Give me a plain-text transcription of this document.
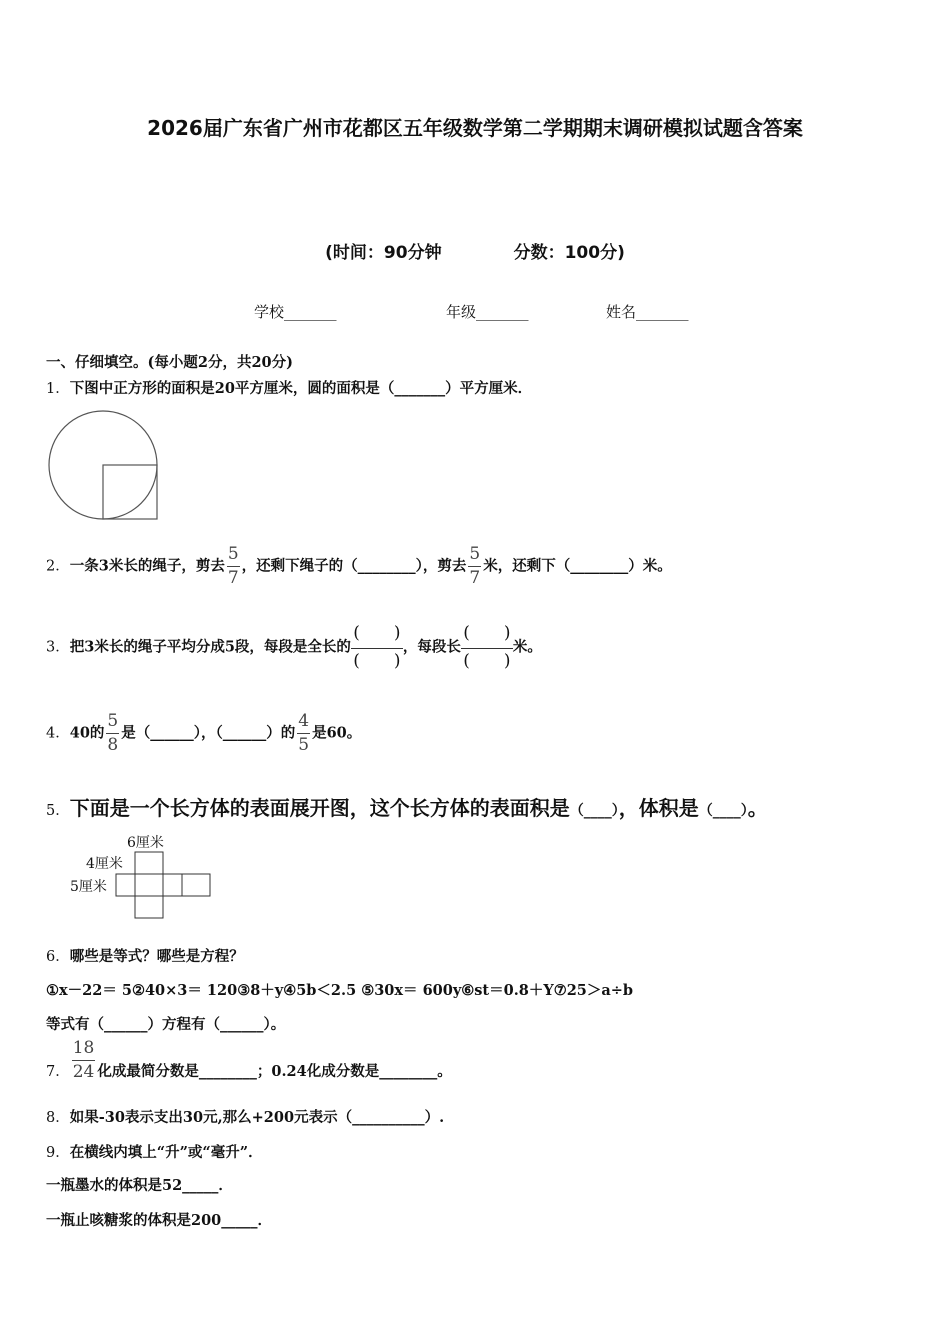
2026届广东省广州市花都区五年级数学第二学期期末调研模拟试题含答案
(时间：90分钟	分数：100分)
学校_______	年级_______	姓名_______
一、仔细填空。(每小题2分，共20分)
1．下图中正方形的面积是20平方厘米，圆的面积是（_______）平方厘米．
2．一条3米长的绳子，剪去 $\frac{5}{7}$ ，还剩下绳子的（________），剪去 $\frac{5}{7}$ 米，还剩下（________）米。
3．把3米长的绳子平均分成5段，每段是全长的
(　　)
(　　)
，每段长
(　　)
(　　)
米。
4．40的 $\frac{5}{8}$ 是（______），（______）的 $\frac{4}{5}$ 是60。
5．下面是一个长方体的表面展开图，这个长方体的表面积是（____），体积是（____）。
6厘米
4厘米
5厘米
6．哪些是等式？哪些是方程？
①x－22＝ 5②40×3＝ 120③8＋y④5b＜2.5 ⑤30x＝ 600y⑥st＝0.8＋Y⑦25＞a÷b
等式有（______）方程有（______）。
7． $\frac{18}{24}$ 化成最简分数是________；0.24化成分数是________。
8．如果-30表示支出30元,那么+200元表示（__________）.
9．在横线内填上“升”或“毫升”．
一瓶墨水的体积是52_____．
一瓶止咳糖浆的体积是200_____．
